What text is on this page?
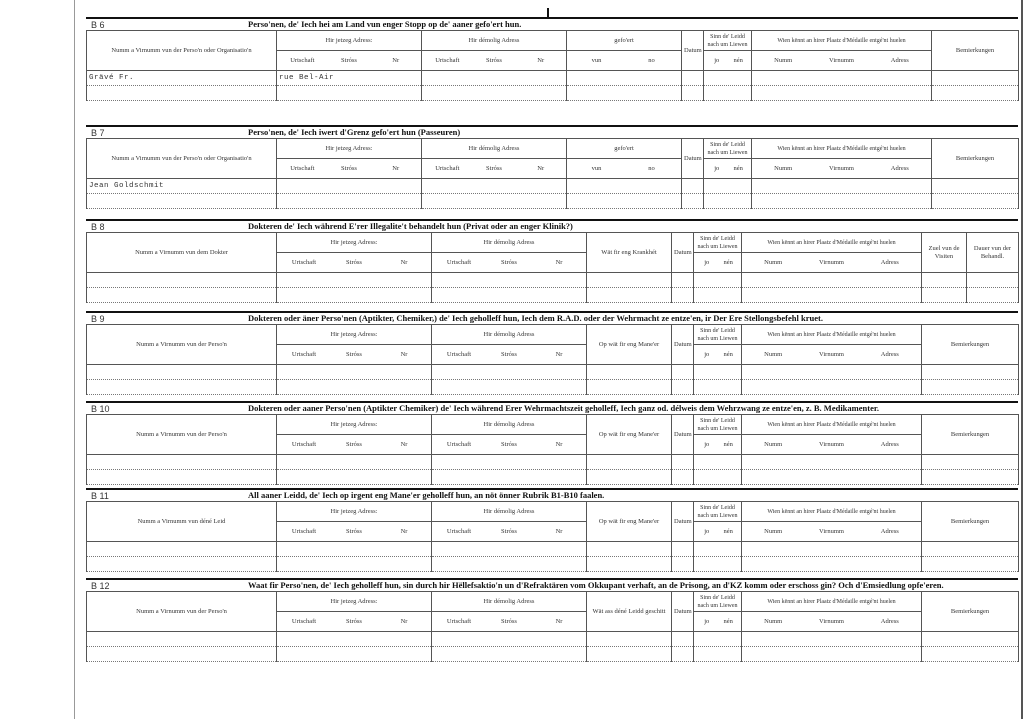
B 6	Perso'nen, de' Iech hei am Land vun enger Stopp op de' aaner gefo'ert hun.
Numm a Virnumm vun der Perso'n oder Organisatio'n	Hir jetzeg Adress:	Hir démolig Adress	gefo'ert	Datum	Sinn de' Leidd nach um Liewen	Wien kënnt an hirer Plaatz d'Médaille entgé'nt huelen	Bemierkungen

	Urtschaft Stróss Nr	Urtschaft Stróss Nr	vun no		jo nén	Numm Virnumm Adress	

Grävé Fr.	rue Bel-Air						

B 7	Perso'nen, de' Iech iwert d'Grenz gefo'ert hun (Passeuren)
Numm a Virnumm vun der Perso'n oder Organisatio'n	Hir jetzeg Adress:	Hir démolig Adress	gefo'ert	Datum	Sinn de' Leidd nach um Liewen	Wien kënnt an hirer Plaatz d'Médaille entgé'nt huelen	Bemierkungen

	Urtschaft Stróss Nr	Urtschaft Stróss Nr	vun no		jo nén	Numm Virnumm Adress	

Jean Goldschmit							

B 8	Dokteren de' Iech während E'rer Illegalite't behandelt hun (Privat oder an enger Klinik?)
Numm a Virnumm vun dem Dokter	Hir jetzeg Adress:	Hir démolig Adress	Wät fir eng Krankhét	Datum	Sinn de' Leidd nach um Liewen	Wien kënnt an hirer Plaatz d'Médaille entgé'nt huelen	Zuel vun de Visiten	Dauer vun der Behandl.

	Urtschaft Stróss Nr	Urtschaft Stróss Nr			jo nén	Numm Virnumm Adress		

B 9	Dokteren oder äner Perso'nen (Aptikter, Chemiker,) de' Iech geholleff hun, Iech dem R.A.D. oder der Wehrmacht ze entze'en, ir Der Ere Stellongsbefehl kruet.
Numm a Virnumm vun der Perso'n	Hir jetzeg Adress:	Hir démolig Adress	Op wät fir eng Mane'er	Datum	Sinn de' Leidd nach um Liewen	Wien kënnt an hirer Plaatz d'Médaille entgé'nt huelen	Bemierkungen

	Urtschaft Stróss Nr	Urtschaft Stróss Nr			jo nén	Numm Virnumm Adress	

B 10	Dokteren oder aaner Perso'nen (Aptikter Chemiker) de' Iech während Erer Wehrmachtszeit geholleff, Iech ganz od. délweis dem Wehrzwang ze entze'en, z. B. Medikamenter.
Numm a Virnumm vun der Perso'n	Hir jetzeg Adress:	Hir démolig Adress	Op wät fir eng Mane'er	Datum	Sinn de' Leidd nach um Liewen	Wien kënnt an hirer Plaatz d'Médaille entgé'nt huelen	Bemierkungen

	Urtschaft Stróss Nr	Urtschaft Stróss Nr			jo nén	Numm Virnumm Adress	

B 11	All aaner Leidd, de' Iech op irgent eng Mane'er geholleff hun, an nöt önner Rubrik B1-B10 faalen.
Numm a Virnumm vun déné Leid	Hir jetzeg Adress:	Hir démolig Adress	Op wät fir eng Mane'er	Datum	Sinn de' Leidd nach um Liewen	Wien kënnt an hirer Plaatz d'Médaille entgé'nt huelen	Bemierkungen

	Urtschaft Stróss Nr	Urtschaft Stróss Nr			jo nén	Numm Virnumm Adress	

B 12	Waat fir Perso'nen, de' Iech geholleff hun, sin durch hir Hëllefsaktio'n un d'Refraktären vom Okkupant verhaft, an de Prisong, an d'KZ komm oder erschoss gin? Och d'Emsiedlung opfe'eren.
Numm a Virnumm vun der Perso'n	Hir jetzeg Adress:	Hir démolig Adress	Wät ass déné Leidd geschitt	Datum	Sinn de' Leidd nach um Liewen	Wien kënnt an hirer Plaatz d'Médaille entgé'nt huelen	Bemierkungen

	Urtschaft Stróss Nr	Urtschaft Stróss Nr			jo nén	Numm Virnumm Adress	
